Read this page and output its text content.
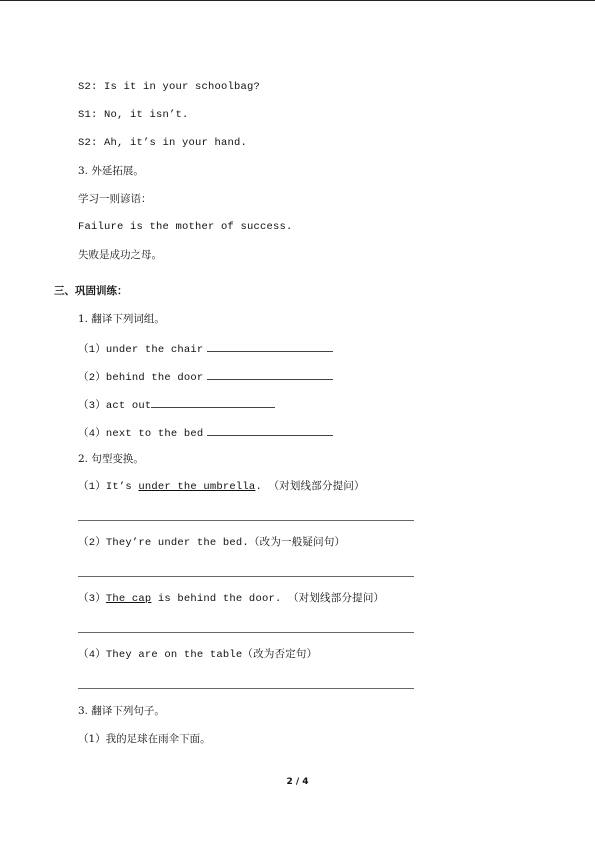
S2: Is it in your schoolbag?
S1: No, it isn’t.
S2: Ah, it’s in your hand.
3. 外延拓展。
学习一则谚语：
Failure is the mother of success.
失败是成功之母。
三、巩固训练：
1. 翻译下列词组。
（1）under the chair
（2）behind the door
（3）act out
（4）next to the bed
2. 句型变换。
（1）It’s under the umbrella. （对划线部分提问）
（2）They’re under the bed.（改为一般疑问句）
（3）The cap is behind the door. （对划线部分提问）
（4）They are on the table（改为否定句）
3. 翻译下列句子。
（1）我的足球在雨伞下面。
2 / 4
